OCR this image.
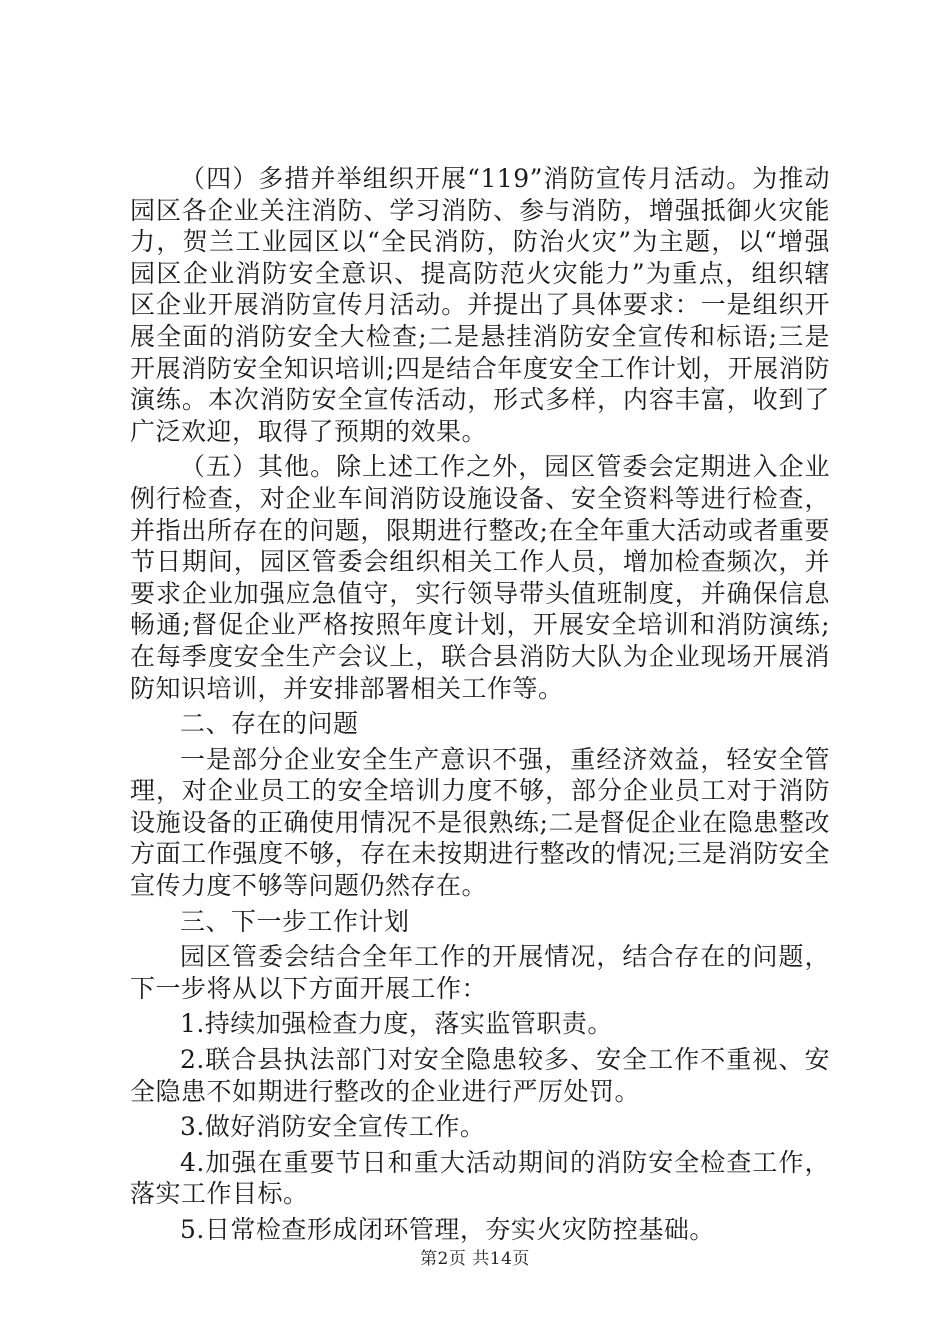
（四）多措并举组织开展“119”消防宣传月活动。为推动园区各企业关注消防、学习消防、参与消防，增强抵御火灾能力，贺兰工业园区以“全民消防，防治火灾”为主题，以“增强园区企业消防安全意识、提高防范火灾能力”为重点，组织辖区企业开展消防宣传月活动。并提出了具体要求：一是组织开展全面的消防安全大检查;二是悬挂消防安全宣传和标语;三是开展消防安全知识培训;四是结合年度安全工作计划，开展消防演练。本次消防安全宣传活动，形式多样，内容丰富，收到了广泛欢迎，取得了预期的效果。

（五）其他。除上述工作之外，园区管委会定期进入企业例行检查，对企业车间消防设施设备、安全资料等进行检查，并指出所存在的问题，限期进行整改;在全年重大活动或者重要节日期间，园区管委会组织相关工作人员，增加检查频次，并要求企业加强应急值守，实行领导带头值班制度，并确保信息畅通;督促企业严格按照年度计划，开展安全培训和消防演练;在每季度安全生产会议上，联合县消防大队为企业现场开展消防知识培训，并安排部署相关工作等。

二、存在的问题

一是部分企业安全生产意识不强，重经济效益，轻安全管理，对企业员工的安全培训力度不够，部分企业员工对于消防设施设备的正确使用情况不是很熟练;二是督促企业在隐患整改方面工作强度不够，存在未按期进行整改的情况;三是消防安全宣传力度不够等问题仍然存在。

三、下一步工作计划

园区管委会结合全年工作的开展情况，结合存在的问题，下一步将从以下方面开展工作：

1.持续加强检查力度，落实监管职责。

2.联合县执法部门对安全隐患较多、安全工作不重视、安全隐患不如期进行整改的企业进行严厉处罚。

3.做好消防安全宣传工作。

4.加强在重要节日和重大活动期间的消防安全检查工作，落实工作目标。

5.日常检查形成闭环管理，夯实火灾防控基础。

第2页 共14页
